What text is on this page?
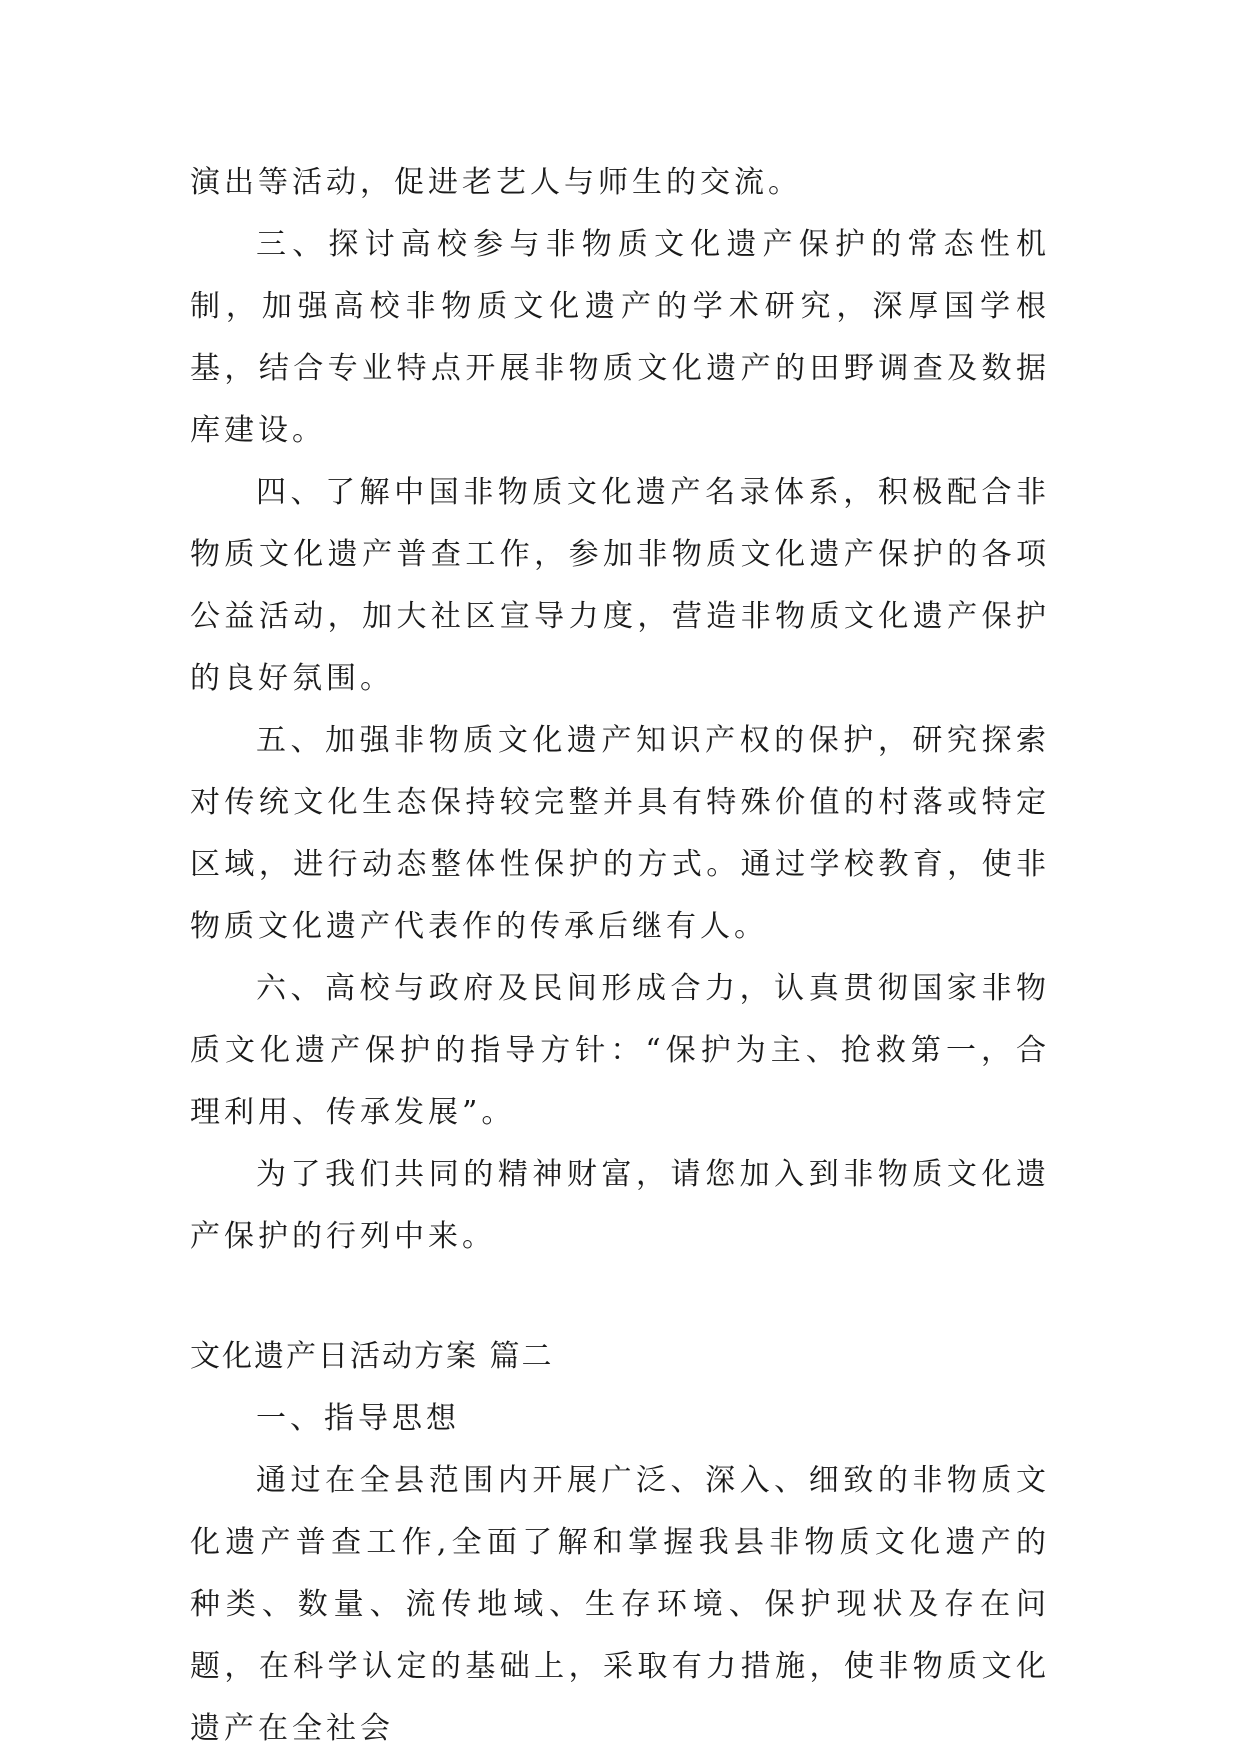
演出等活动，促进老艺人与师生的交流。

三、探讨高校参与非物质文化遗产保护的常态性机制，加强高校非物质文化遗产的学术研究，深厚国学根基，结合专业特点开展非物质文化遗产的田野调查及数据库建设。

四、了解中国非物质文化遗产名录体系，积极配合非物质文化遗产普查工作，参加非物质文化遗产保护的各项公益活动，加大社区宣导力度，营造非物质文化遗产保护的良好氛围。

五、加强非物质文化遗产知识产权的保护，研究探索对传统文化生态保持较完整并具有特殊价值的村落或特定区域，进行动态整体性保护的方式。通过学校教育，使非物质文化遗产代表作的传承后继有人。

六、高校与政府及民间形成合力，认真贯彻国家非物质文化遗产保护的指导方针：“保护为主、抢救第一，合理利用、传承发展”。

为了我们共同的精神财富，请您加入到非物质文化遗产保护的行列中来。

文化遗产日活动方案 篇二

一、指导思想

通过在全县范围内开展广泛、深入、细致的非物质文化遗产普查工作,全面了解和掌握我县非物质文化遗产的种类、数量、流传地域、生存环境、保护现状及存在问题，在科学认定的基础上，采取有力措施，使非物质文化遗产在全社会
